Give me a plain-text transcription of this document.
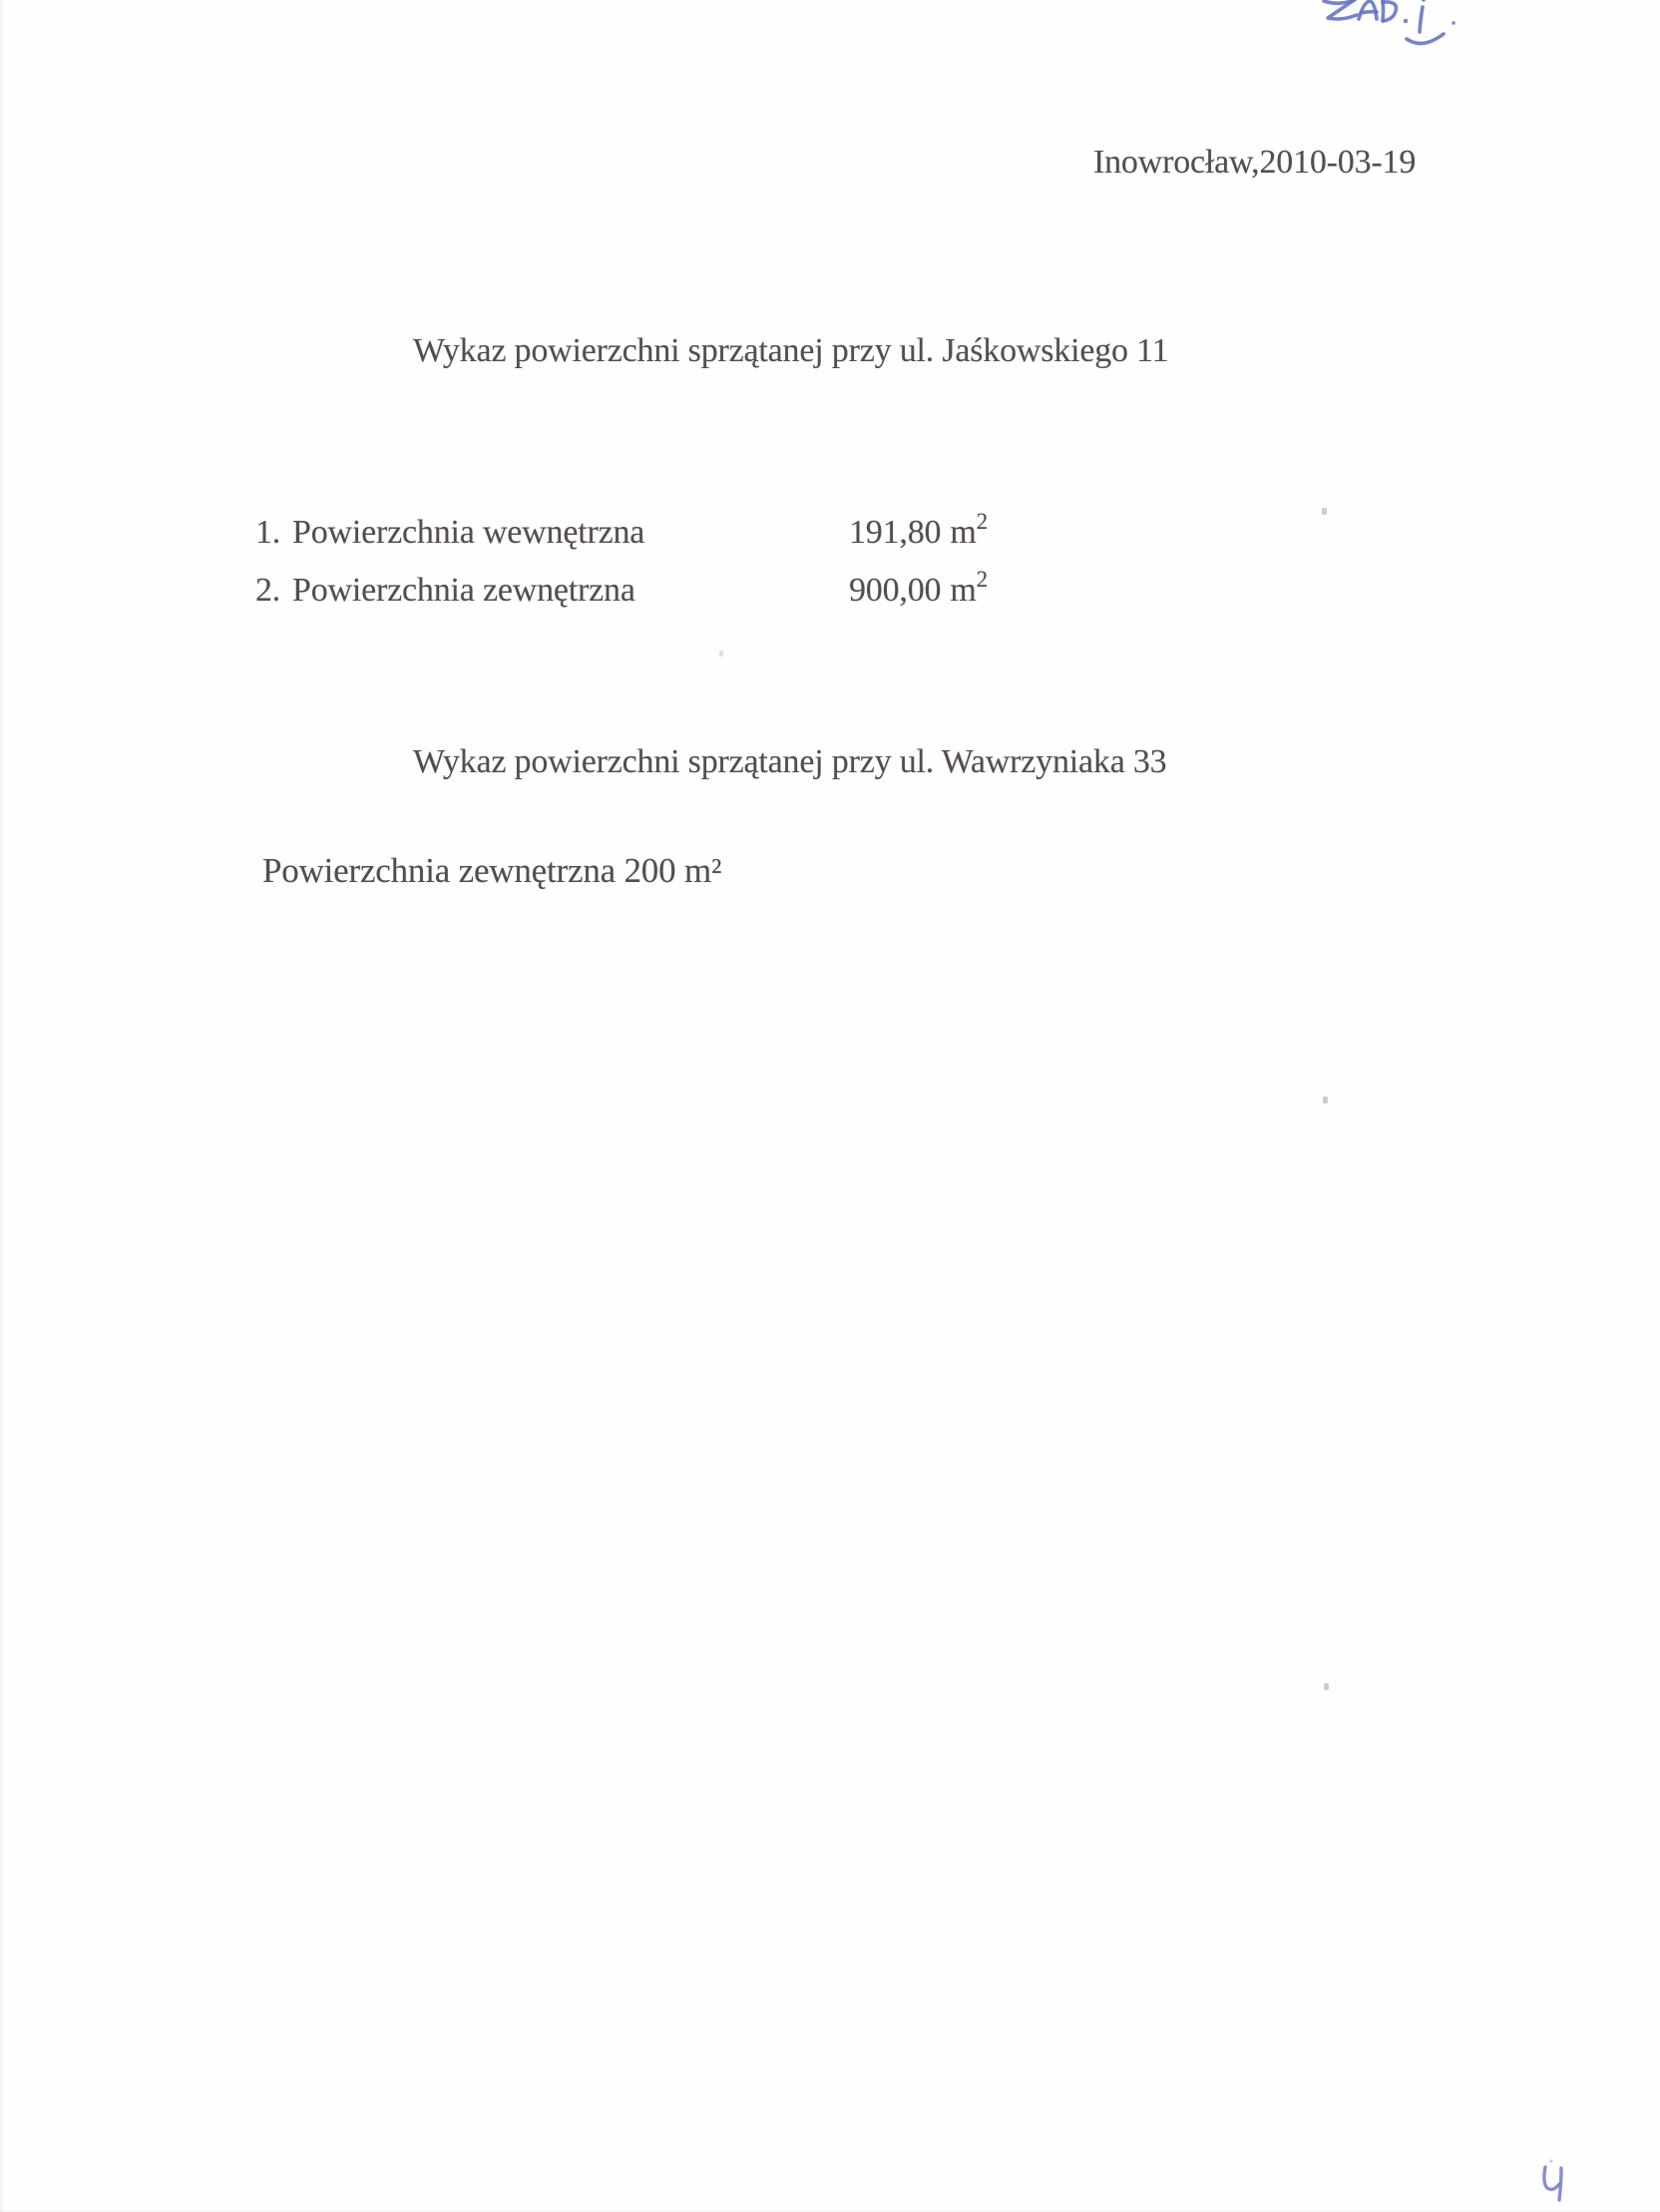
Inowrocław,2010-03-19
Wykaz powierzchni sprzątanej przy ul. Jaśkowskiego 11
1. Powierzchnia wewnętrzna	191,80 $m^2$
2. Powierzchnia zewnętrzna	900,00 $m^2$
Wykaz powierzchni sprzątanej przy ul. Wawrzyniaka 33
Powierzchnia zewnętrzna 200 m²
